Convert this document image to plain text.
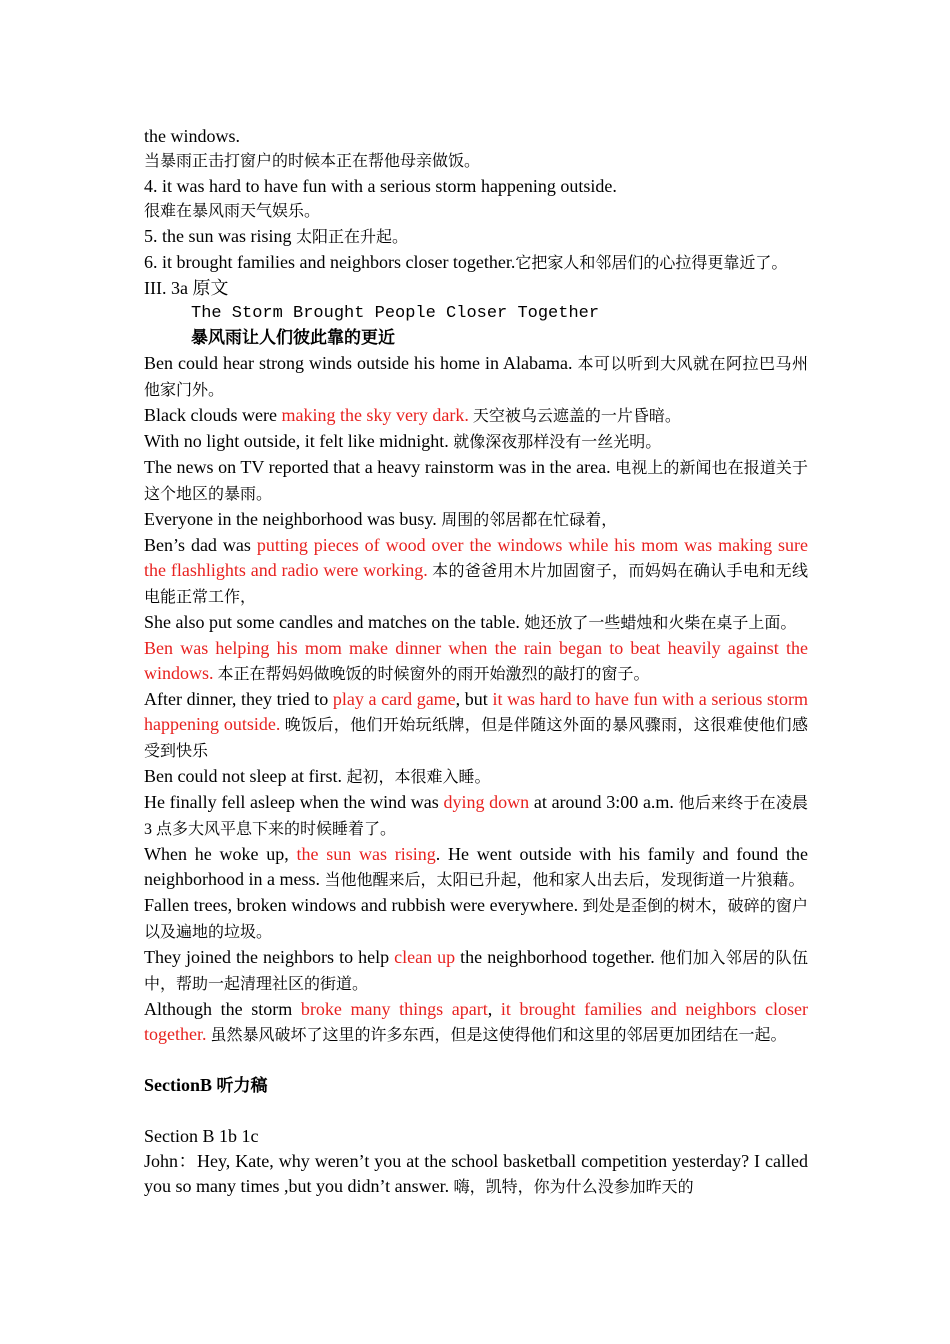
the windows.

当暴雨正击打窗户的时候本正在帮他母亲做饭。

4. it was hard to have fun with a serious storm happening outside.

很难在暴风雨天气娱乐。

5. the sun was rising 太阳正在升起。

6. it brought families and neighbors closer together.它把家人和邻居们的心拉得更靠近了。

III. 3a 原文

The Storm Brought People Closer Together

暴风雨让人们彼此靠的更近

Ben could hear strong winds outside his home in Alabama. 本可以听到大风就在阿拉巴马州他家门外。

Black clouds were making the sky very dark. 天空被乌云遮盖的一片昏暗。

With no light outside, it felt like midnight. 就像深夜那样没有一丝光明。

The news on TV reported that a heavy rainstorm was in the area. 电视上的新闻也在报道关于这个地区的暴雨。

Everyone in the neighborhood was busy. 周围的邻居都在忙碌着，

Ben’s dad was putting pieces of wood over the windows while his mom was making sure the flashlights and radio were working. 本的爸爸用木片加固窗子，而妈妈在确认手电和无线电能正常工作，

She also put some candles and matches on the table. 她还放了一些蜡烛和火柴在桌子上面。

Ben was helping his mom make dinner when the rain began to beat heavily against the windows. 本正在帮妈妈做晚饭的时候窗外的雨开始激烈的敲打的窗子。

After dinner, they tried to play a card game, but it was hard to have fun with a serious storm happening outside. 晚饭后，他们开始玩纸牌，但是伴随这外面的暴风骤雨，这很难使他们感受到快乐

Ben could not sleep at first. 起初，本很难入睡。

He finally fell asleep when the wind was dying down at around 3:00 a.m. 他后来终于在凌晨 3 点多大风平息下来的时候睡着了。

When he woke up, the sun was rising. He went outside with his family and found the neighborhood in a mess. 当他他醒来后，太阳已升起，他和家人出去后，发现街道一片狼藉。

Fallen trees, broken windows and rubbish were everywhere. 到处是歪倒的树木，破碎的窗户以及遍地的垃圾。

They joined the neighbors to help clean up the neighborhood together. 他们加入邻居的队伍中，帮助一起清理社区的街道。

Although the storm broke many things apart, it brought families and neighbors closer together. 虽然暴风破坏了这里的许多东西，但是这使得他们和这里的邻居更加团结在一起。

SectionB 听力稿

Section B 1b 1c

John：Hey, Kate, why weren’t you at the school basketball competition yesterday? I called you so many times ,but you didn’t answer. 嗨，凯特，你为什么没参加昨天的
